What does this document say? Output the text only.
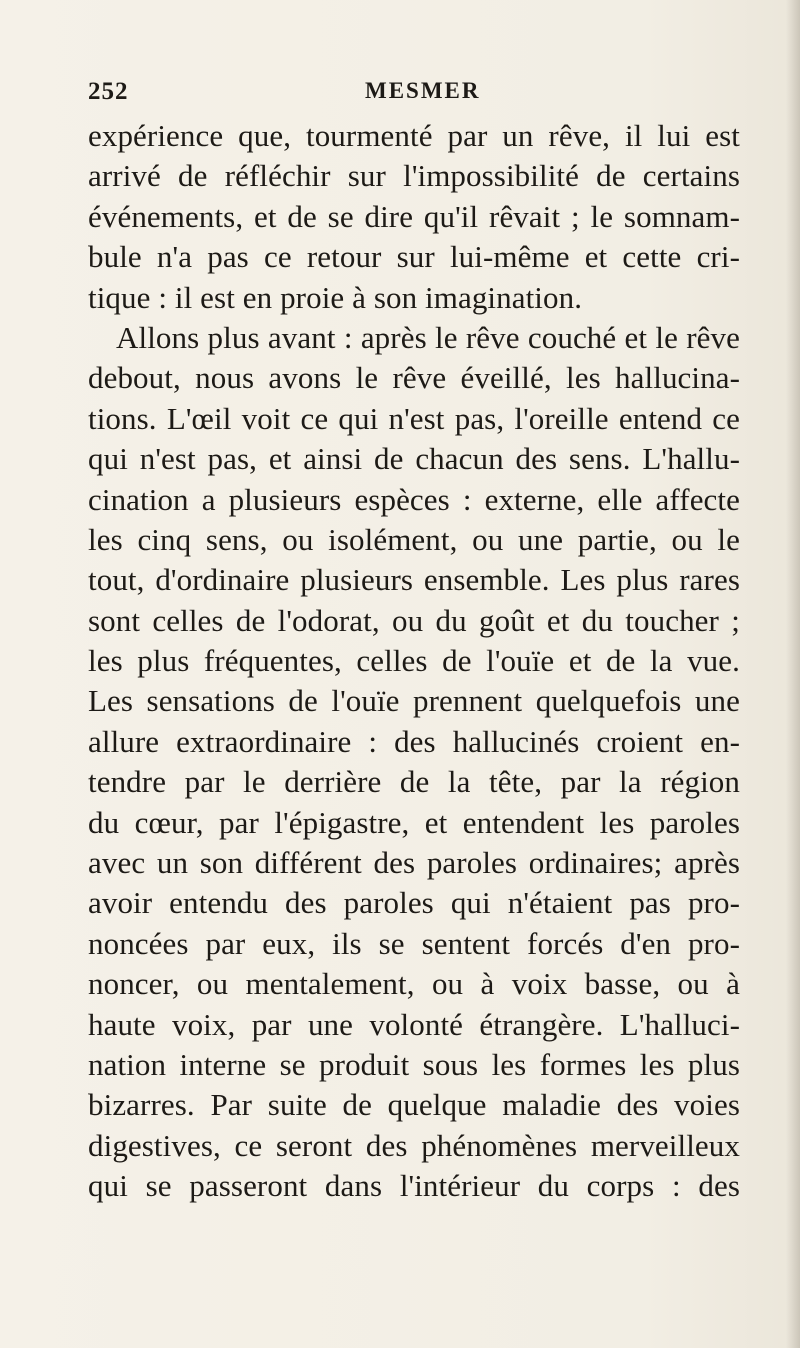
252	MESMER
expérience que, tourmenté par un rêve, il lui est
arrivé de réfléchir sur l'impossibilité de certains
événements, et de se dire qu'il rêvait ; le somnam-
bule n'a pas ce retour sur lui-même et cette cri-
tique : il est en proie à son imagination.
Allons plus avant : après le rêve couché et le rêve
debout, nous avons le rêve éveillé, les hallucina-
tions. L'œil voit ce qui n'est pas, l'oreille entend ce
qui n'est pas, et ainsi de chacun des sens. L'hallu-
cination a plusieurs espèces : externe, elle affecte
les cinq sens, ou isolément, ou une partie, ou le
tout, d'ordinaire plusieurs ensemble. Les plus rares
sont celles de l'odorat, ou du goût et du toucher ;
les plus fréquentes, celles de l'ouïe et de la vue.
Les sensations de l'ouïe prennent quelquefois une
allure extraordinaire : des hallucinés croient en-
tendre par le derrière de la tête, par la région
du cœur, par l'épigastre, et entendent les paroles
avec un son différent des paroles ordinaires; après
avoir entendu des paroles qui n'étaient pas pro-
noncées par eux, ils se sentent forcés d'en pro-
noncer, ou mentalement, ou à voix basse, ou à
haute voix, par une volonté étrangère. L'halluci-
nation interne se produit sous les formes les plus
bizarres. Par suite de quelque maladie des voies
digestives, ce seront des phénomènes merveilleux
qui se passeront dans l'intérieur du corps : des
